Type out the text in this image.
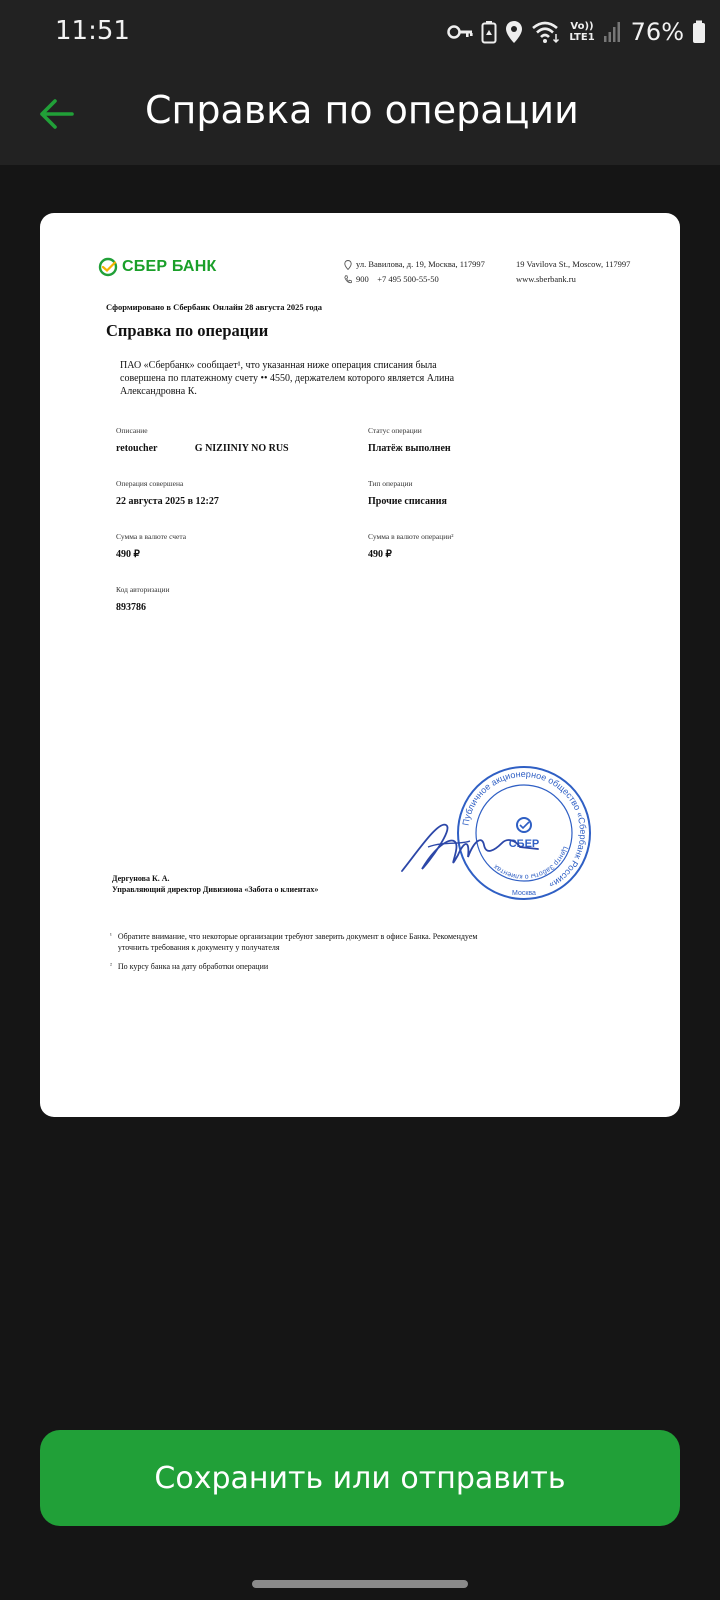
11:51	Vo))
LTE1 76%
Справка по операции
СБЕР БАНК	ул. Вавилова, д. 19, Москва, 117997
900    +7 495 500-55-50
19 Vavilova St., Moscow, 117997
www.sberbank.ru
Сформировано в Сбербанк Онлайн 28 августа 2025 года
Справка по операции
ПАО «Сбербанк» сообщает¹, что указанная ниже операция списания была совершена по платежному счету •• 4550, держателем которого является Алина Александровна К.
Описание
retoucher               G NIZIINIY NO RUS
Статус операции
Платёж выполнен
Операция совершена
22 августа 2025 в 12:27
Тип операции
Прочие списания
Сумма в валюте счета
490 ₽
Сумма в валюте операции²
490 ₽
Код авторизации
893786
Публичное акционерное общество «Сбербанк России»
Центр Заботы о клиентах
СБЕР
Москва
Дергунова К. А.
Управляющий директор Дивизиона «Забота о клиентах»
¹ Обратите внимание, что некоторые организации требуют заверить документ в офисе Банка. Рекомендуем уточнить требования к документу у получателя
² По курсу банка на дату обработки операции
Сохранить или отправить
